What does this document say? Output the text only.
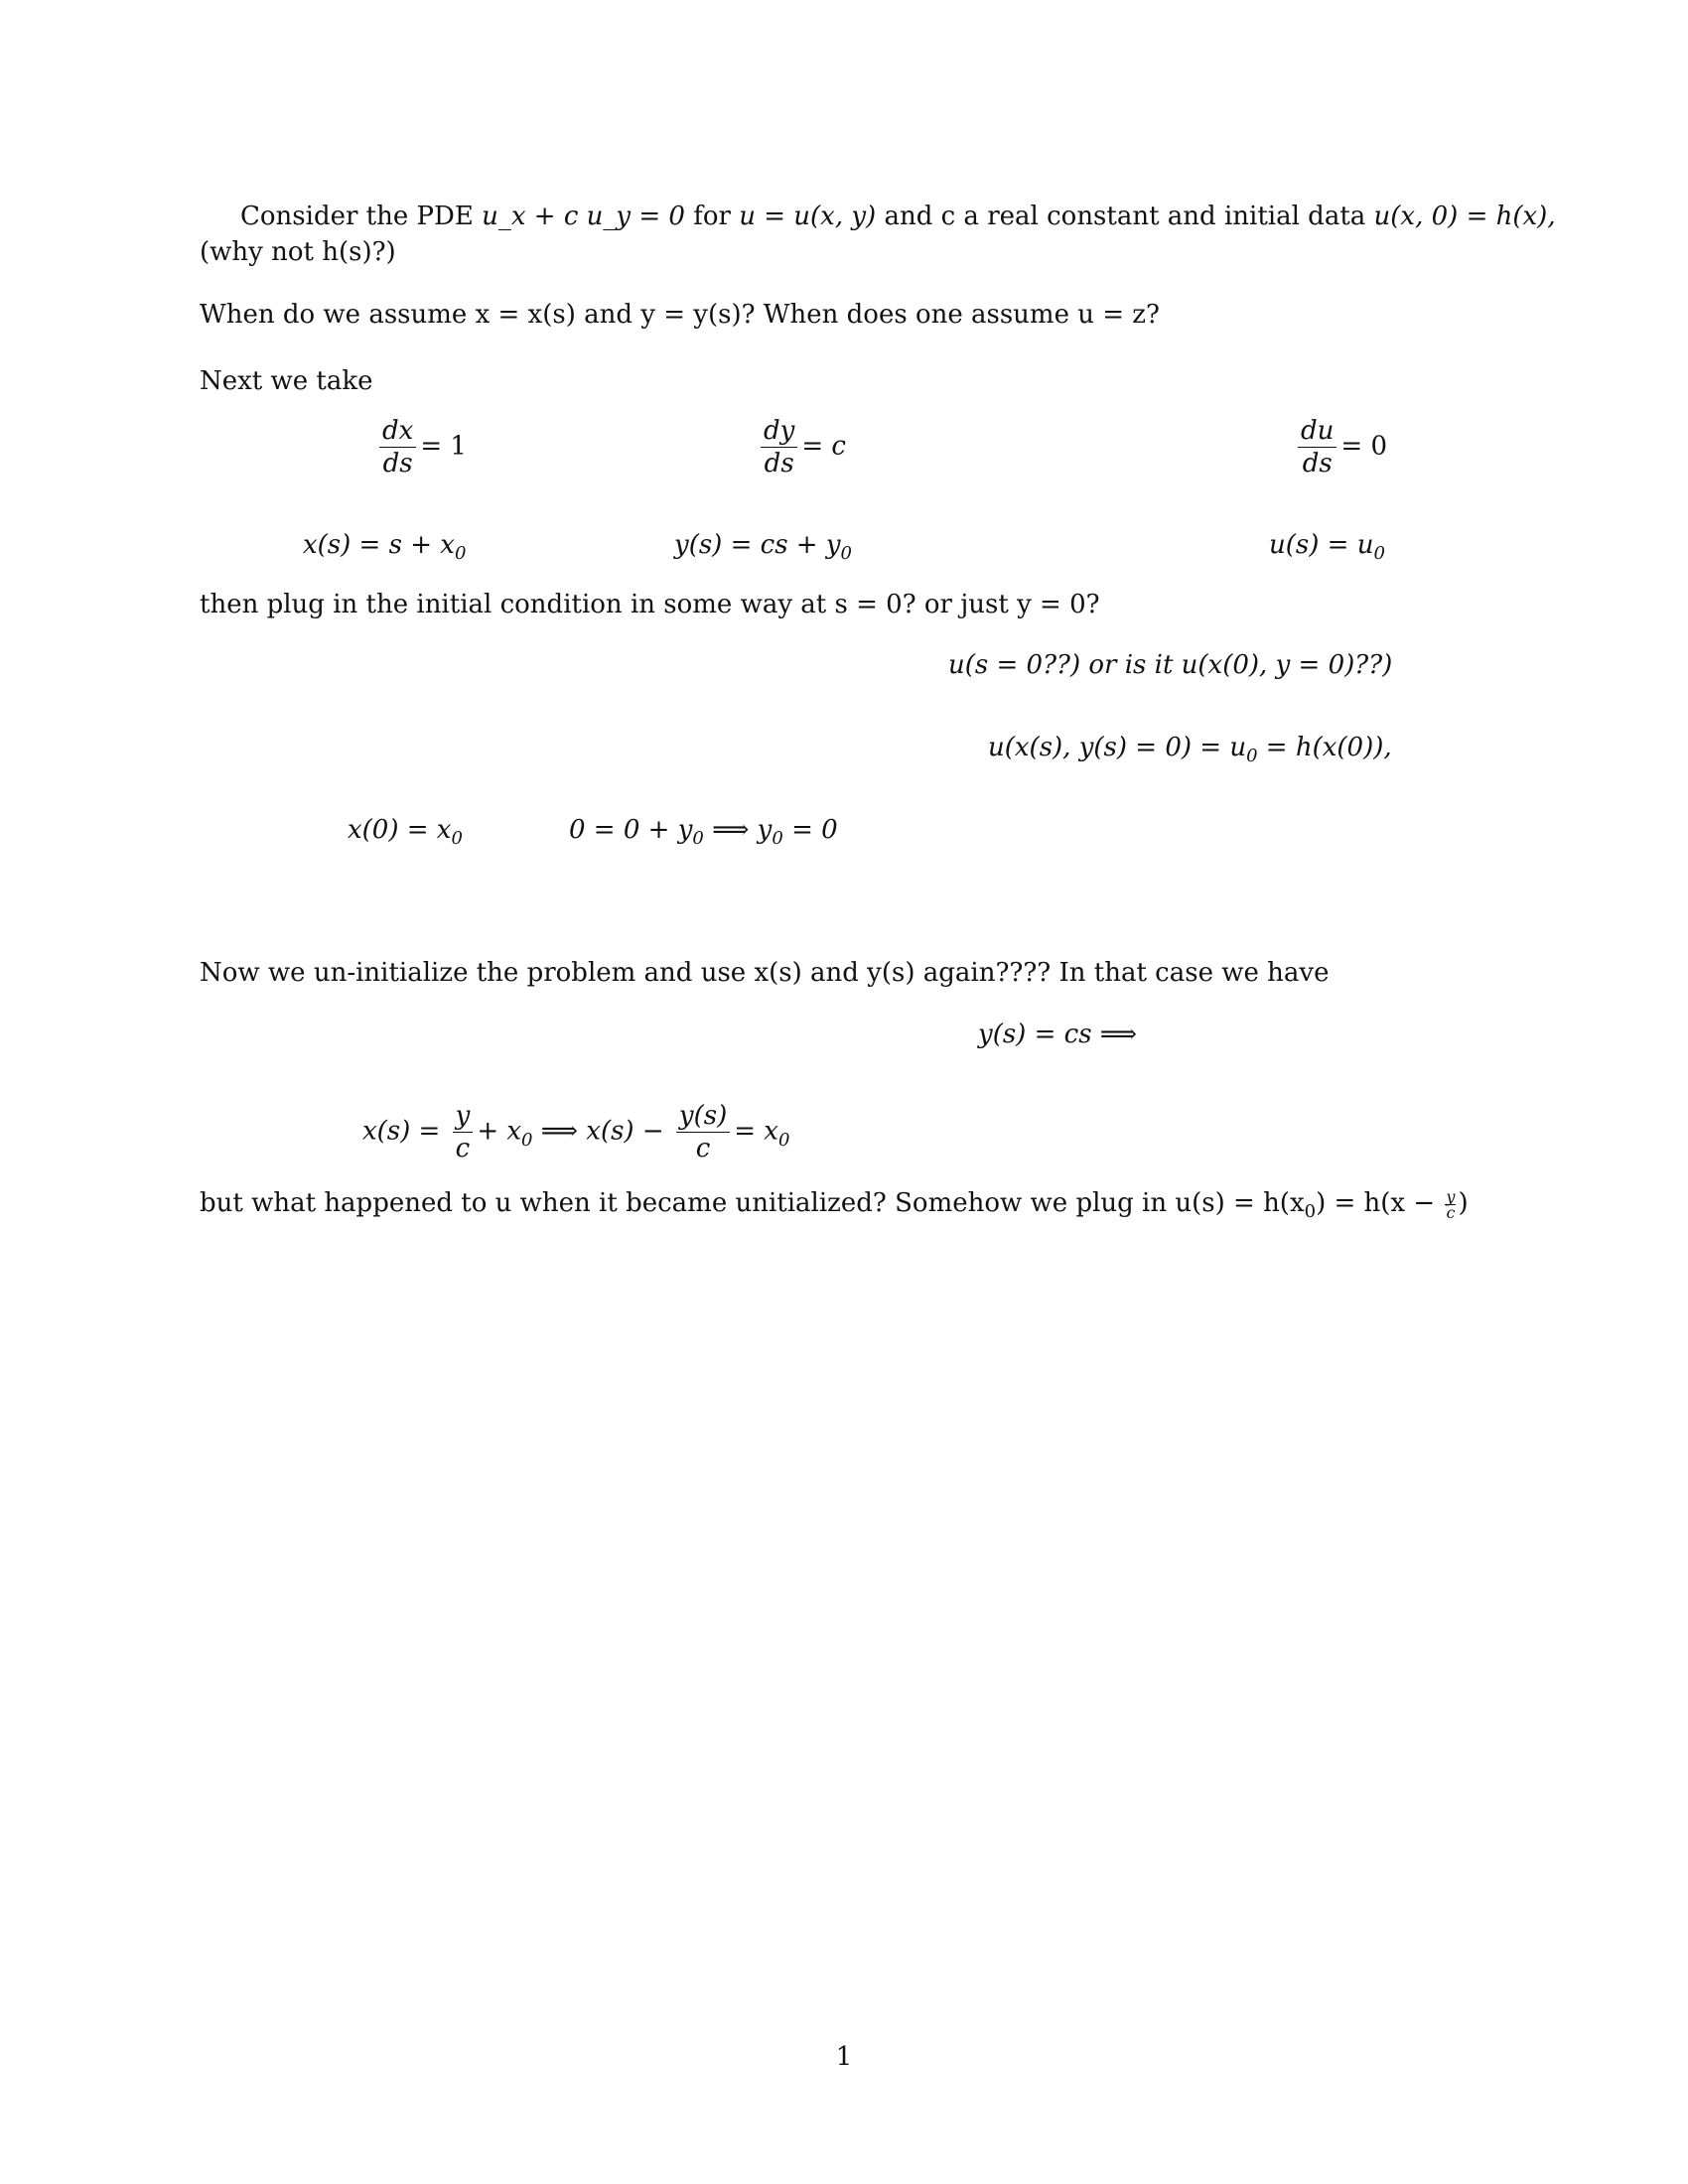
Consider the PDE u_x + c u_y = 0 for u = u(x, y) and c a real constant and initial data u(x, 0) = h(x),
(why not h(s)?)
When do we assume x = x(s) and y = y(s)? When does one assume u = z?
Next we take
$\frac{dx}{ds} = 1$	$\frac{dy}{ds} = c$	$\frac{du}{ds} = 0$
$x(s) = s + x_0$	y(s) = cs + $y_0$	$u(s) = u_0$
then plug in the initial condition in some way at s = 0? or just y = 0?
u(s = 0??) or is it u(x(0), y = 0)??)
u(x(s), $y(s) = 0) = u_0 = h(x(0))$,
$x(0) = x_0$	$0 = 0 + y_0$ ⟹ $y_0 = 0$
Now we un-initialize the problem and use x(s) and y(s) again???? In that case we have
y(s) = cs ⟹
$x(s) = \frac{y}{c} + x_0$ ⟹ $x(s) - \frac{y(s)}{c} = x_0$
but what happened to u when it became unitialized? Somehow we plug in $u(s) = h(x_0) = h(x - \frac{y}{c}$ )
1
